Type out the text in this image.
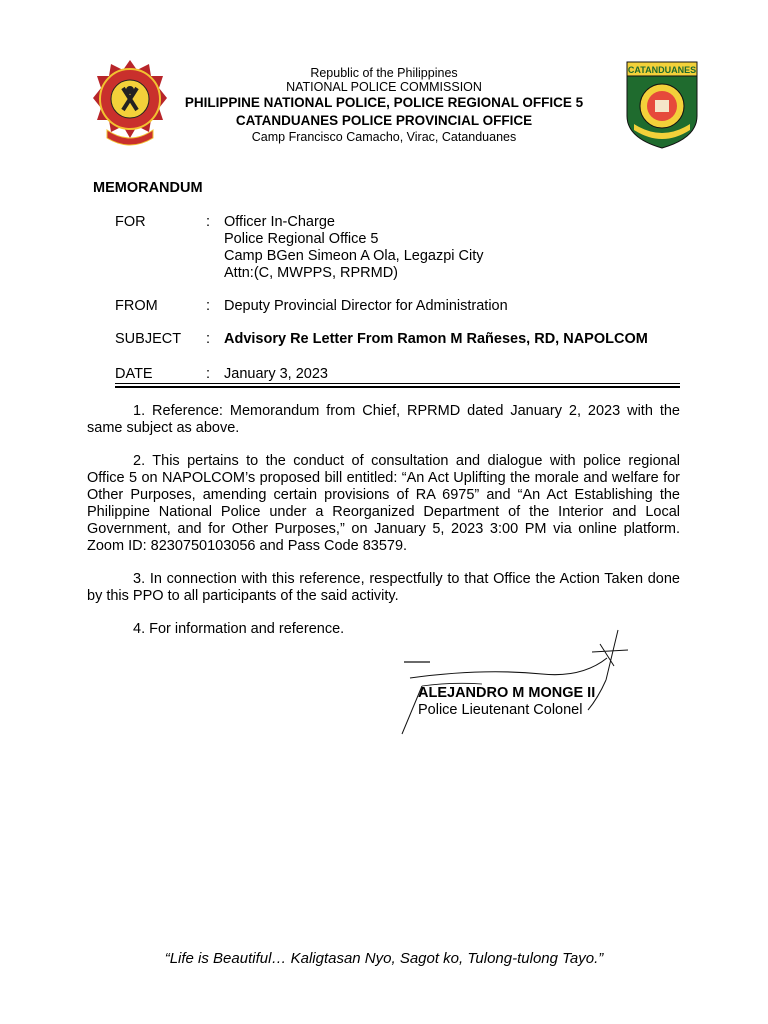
CATANDUANES
Republic of the Philippines
NATIONAL POLICE COMMISSION
PHILIPPINE NATIONAL POLICE, POLICE REGIONAL OFFICE 5
CATANDUANES POLICE PROVINCIAL OFFICE
Camp Francisco Camacho, Virac, Catanduanes
MEMORANDUM
FOR	: Officer In-Charge
Police Regional Office 5
Camp BGen Simeon A Ola, Legazpi City
Attn:(C, MWPPS, RPRMD)
FROM	: Deputy Provincial Director for Administration
SUBJECT : Advisory Re Letter From Ramon M Rañeses, RD, NAPOLCOM
DATE	: January 3, 2023
1. Reference: Memorandum from Chief, RPRMD dated January 2, 2023 with the same subject as above.
2. This pertains to the conduct of consultation and dialogue with police regional Office 5 on NAPOLCOM’s proposed bill entitled: “An Act Uplifting the morale and welfare for Other Purposes, amending certain provisions of RA 6975” and “An Act Establishing the Philippine National Police under a Reorganized Department of the Interior and Local Government, and for Other Purposes,” on January 5, 2023 3:00 PM via online platform. Zoom ID: 8230750103056 and Pass Code 83579.
3. In connection with this reference, respectfully to that Office the Action Taken done by this PPO to all participants of the said activity.
4. For information and reference.
ALEJANDRO M MONGE II
Police Lieutenant Colonel
“Life is Beautiful… Kaligtasan Nyo, Sagot ko, Tulong-tulong Tayo.”
